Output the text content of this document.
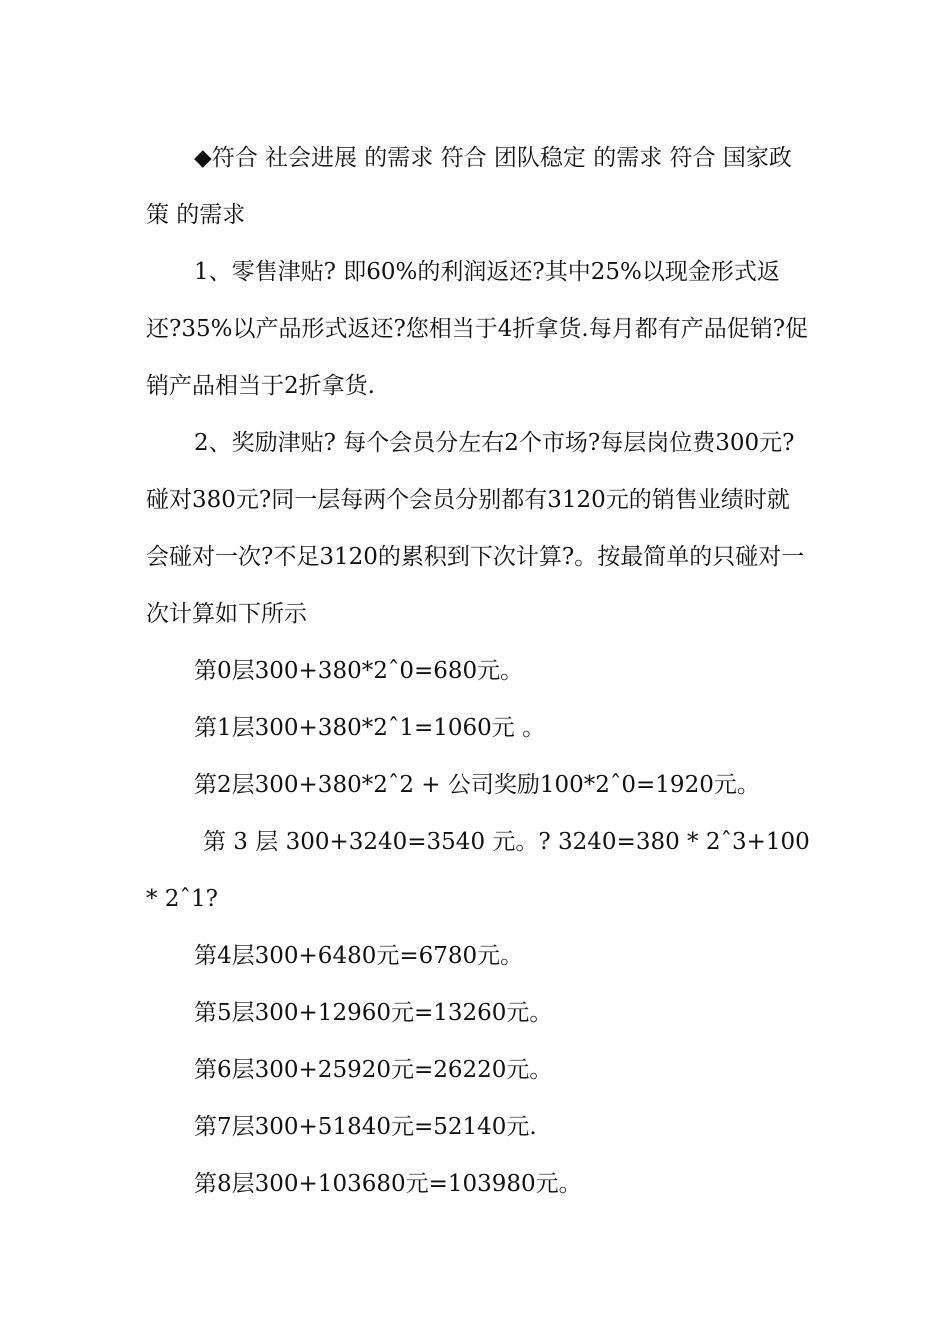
◆符合 社会进展 的需求 符合 团队稳定 的需求 符合 国家政策 的需求

1、零售津贴? 即60%的利润返还?其中25%以现金形式返还?35%以产品形式返还?您相当于4折拿货.每月都有产品促销?促销产品相当于2折拿货.

2、奖励津贴? 每个会员分左右2个市场?每层岗位费300元?碰对380元?同一层每两个会员分别都有3120元的销售业绩时就会碰对一次?不足3120的累积到下次计算?。按最简单的只碰对一次计算如下所示

第0层300+380*2ˆ0=680元。

第1层300+380*2ˆ1=1060元 。

第2层300+380*2ˆ2 + 公司奖励100*2ˆ0=1920元。

第 3 层 300+3240=3540 元。? 3240=380 * 2ˆ3+100 * 2ˆ1?

第4层300+6480元=6780元。

第5层300+12960元=13260元。

第6层300+25920元=26220元。

第7层300+51840元=52140元.

第8层300+103680元=103980元。
